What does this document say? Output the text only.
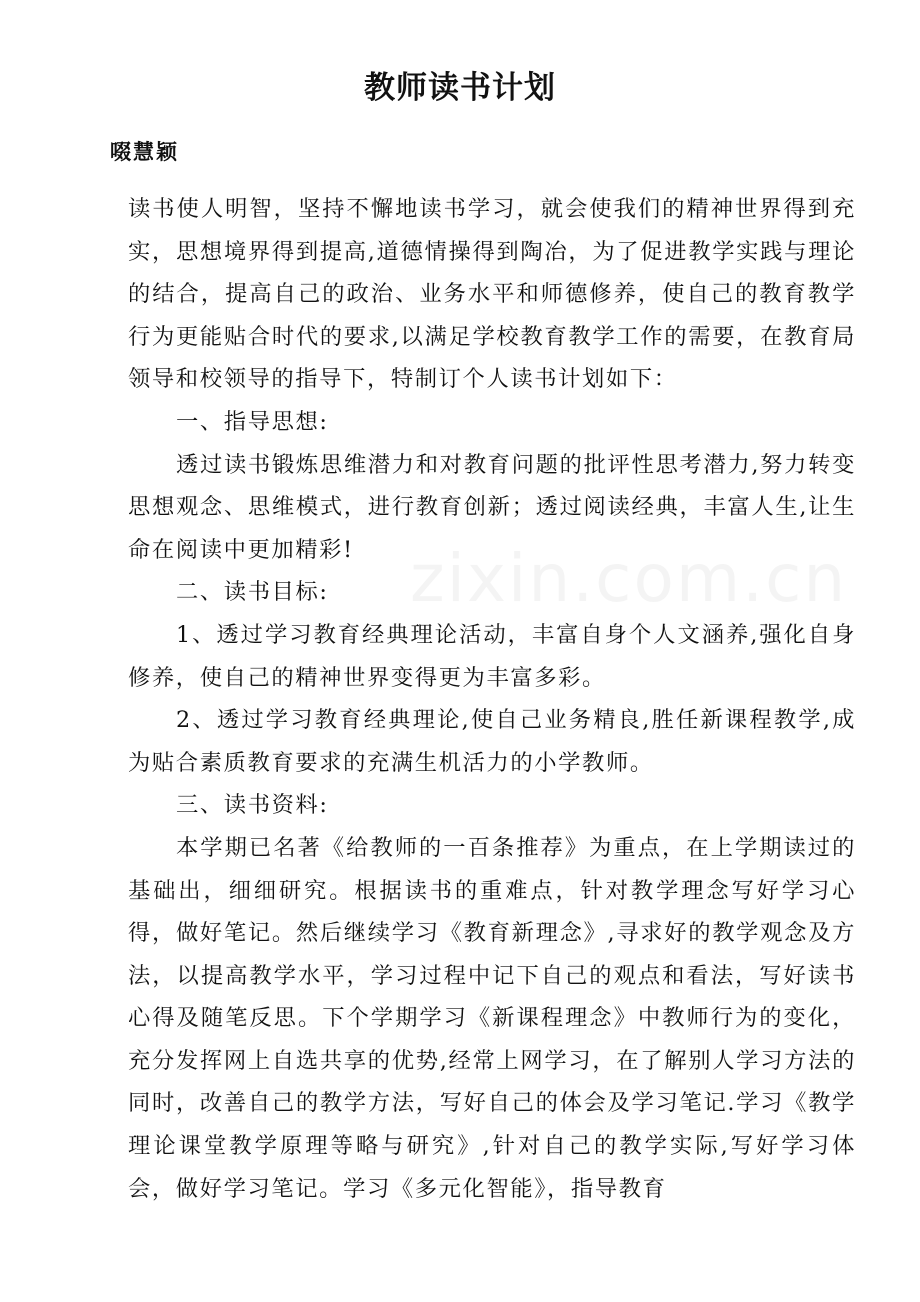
zixin.com.cn
教师读书计划
啜慧颖

读书使人明智，坚持不懈地读书学习，就会使我们的精神世界得到充实，思想境界得到提高,道德情操得到陶冶，为了促进教学实践与理论的结合，提高自己的政治、业务水平和师德修养，使自己的教育教学行为更能贴合时代的要求,以满足学校教育教学工作的需要，在教育局领导和校领导的指导下，特制订个人读书计划如下：

一、指导思想:

透过读书锻炼思维潜力和对教育问题的批评性思考潜力,努力转变思想观念、思维模式，进行教育创新；透过阅读经典，丰富人生,让生命在阅读中更加精彩!

二、读书目标:

1、透过学习教育经典理论活动，丰富自身个人文涵养,强化自身修养，使自己的精神世界变得更为丰富多彩。

2、透过学习教育经典理论,使自己业务精良,胜任新课程教学,成为贴合素质教育要求的充满生机活力的小学教师。

三、读书资料:

本学期已名著《给教师的一百条推荐》为重点，在上学期读过的基础出，细细研究。根据读书的重难点，针对教学理念写好学习心得，做好笔记。然后继续学习《教育新理念》,寻求好的教学观念及方法，以提高教学水平，学习过程中记下自己的观点和看法，写好读书心得及随笔反思。下个学期学习《新课程理念》中教师行为的变化，充分发挥网上自选共享的优势,经常上网学习，在了解别人学习方法的同时，改善自己的教学方法，写好自己的体会及学习笔记.学习《教学理论课堂教学原理等略与研究》,针对自己的教学实际,写好学习体会，做好学习笔记。学习《多元化智能》，指导教育
